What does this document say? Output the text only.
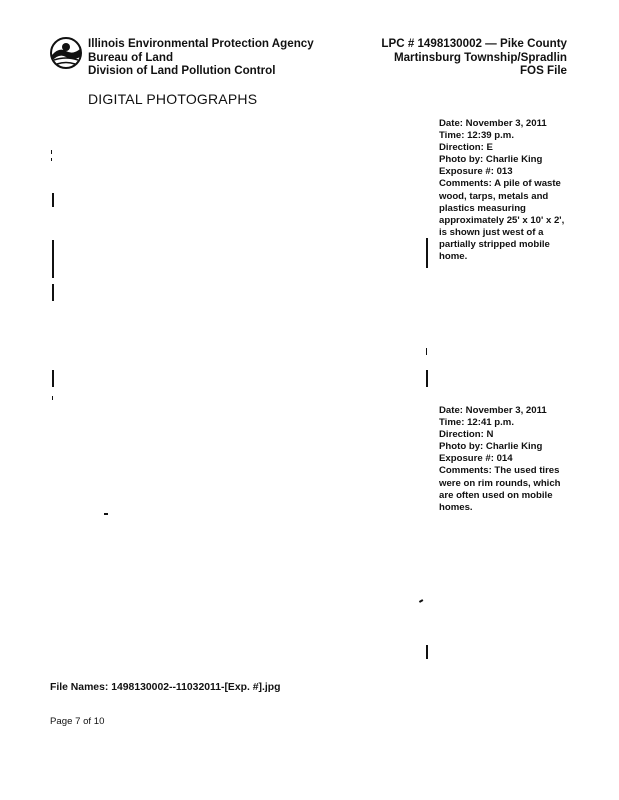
Illinois Environmental Protection Agency
Bureau of Land
Division of Land Pollution Control
LPC # 1498130002 — Pike County
Martinsburg Township/Spradlin
FOS File
DIGITAL PHOTOGRAPHS
Date: November 3, 2011
Time: 12:39 p.m.
Direction: E
Photo by: Charlie King
Exposure #: 013
Comments: A pile of waste wood, tarps, metals and plastics measuring approximately 25' x 10' x 2', is shown just west of a partially stripped mobile home.
Date: November 3, 2011
Time: 12:41 p.m.
Direction: N
Photo by: Charlie King
Exposure #: 014
Comments: The used tires were on rim rounds, which are often used on mobile homes.
File Names: 1498130002--11032011-[Exp. #].jpg
Page 7 of 10
